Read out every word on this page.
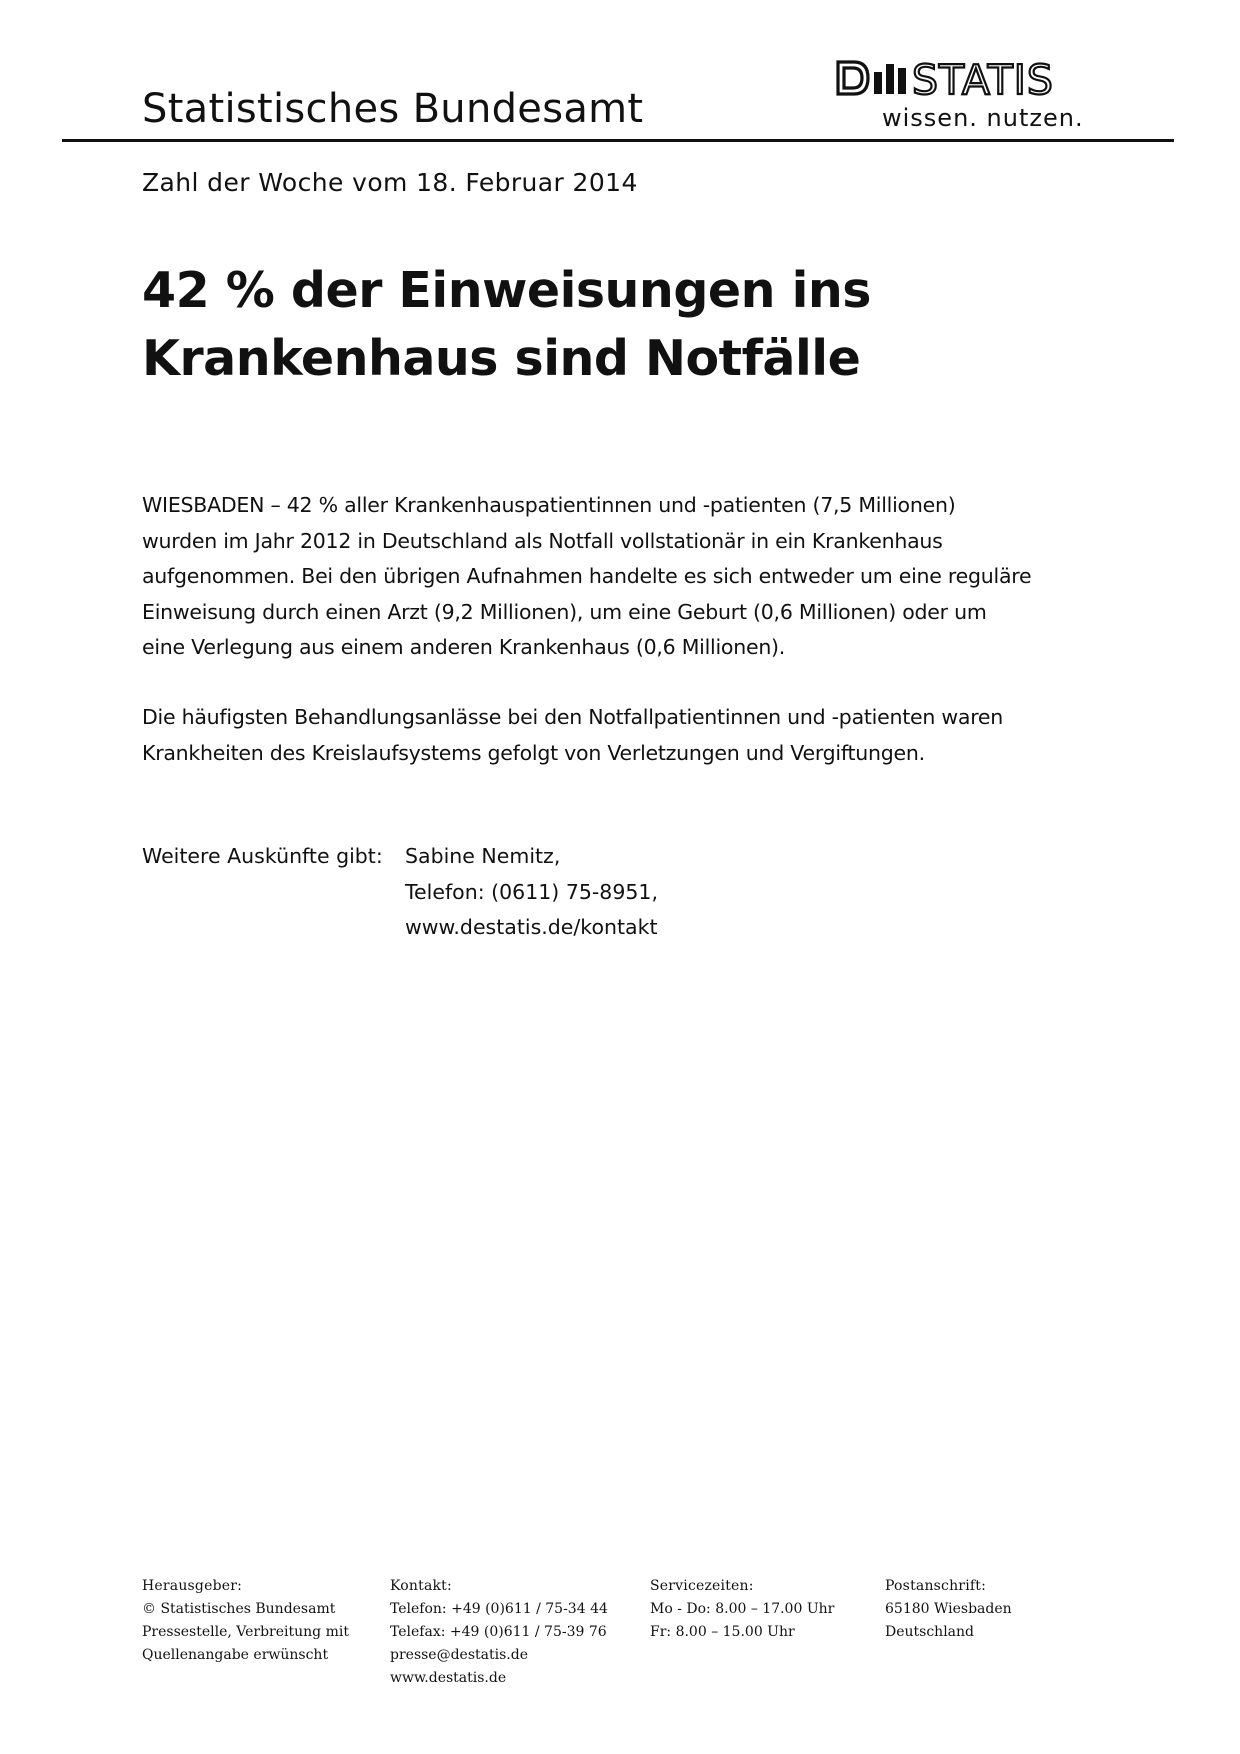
Statistisches Bundesamt
STATIS
wissen. nutzen.
Zahl der Woche vom 18. Februar 2014
42 % der Einweisungen ins
Krankenhaus sind Notfälle
WIESBADEN – 42 % aller Krankenhauspatientinnen und -patienten (7,5 Millionen)
wurden im Jahr 2012 in Deutschland als Notfall vollstationär in ein Krankenhaus
aufgenommen. Bei den übrigen Aufnahmen handelte es sich entweder um eine reguläre
Einweisung durch einen Arzt (9,2 Millionen), um eine Geburt (0,6 Millionen) oder um
eine Verlegung aus einem anderen Krankenhaus (0,6 Millionen).
Die häufigsten Behandlungsanlässe bei den Notfallpatientinnen und -patienten waren
Krankheiten des Kreislaufsystems gefolgt von Verletzungen und Vergiftungen.
Weitere Auskünfte gibt: Sabine Nemitz,
Telefon: (0611) 75-8951,
www.destatis.de/kontakt
Herausgeber:
© Statistisches Bundesamt
Pressestelle, Verbreitung mit
Quellenangabe erwünscht
Kontakt:
Telefon: +49 (0)611 / 75-34 44
Telefax: +49 (0)611 / 75-39 76
presse@destatis.de
www.destatis.de
Servicezeiten:
Mo - Do: 8.00 – 17.00 Uhr
Fr: 8.00 – 15.00 Uhr
Postanschrift:
65180 Wiesbaden
Deutschland
